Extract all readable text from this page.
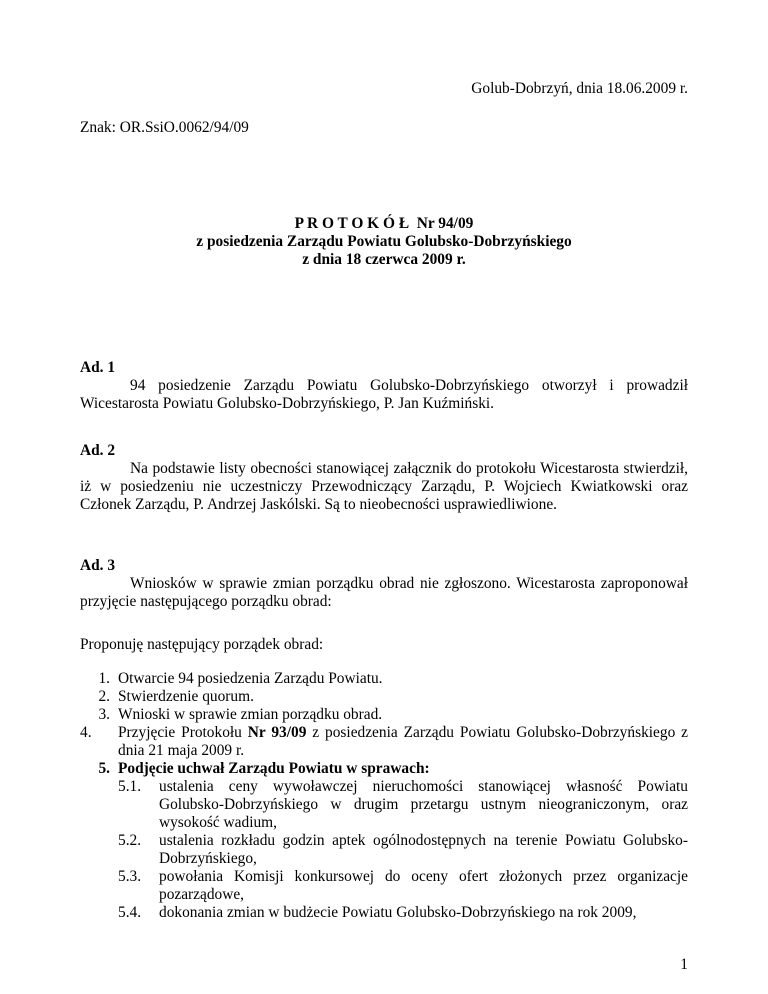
Golub-Dobrzyń, dnia 18.06.2009 r.
Znak: OR.SsiO.0062/94/09
P R O T O K Ó Ł  Nr 94/09
z posiedzenia Zarządu Powiatu Golubsko-Dobrzyńskiego
z dnia 18 czerwca 2009 r.
Ad. 1
94 posiedzenie Zarządu Powiatu Golubsko-Dobrzyńskiego otworzył i prowadził Wicestarosta Powiatu Golubsko-Dobrzyńskiego, P. Jan Kuźmiński.
Ad. 2
Na podstawie listy obecności stanowiącej załącznik do protokołu Wicestarosta stwierdził, iż w posiedzeniu nie uczestniczy Przewodniczący Zarządu, P. Wojciech Kwiatkowski oraz Członek Zarządu, P. Andrzej Jaskólski. Są to nieobecności usprawiedliwione.
Ad. 3
Wniosków w sprawie zmian porządku obrad nie zgłoszono. Wicestarosta zaproponował przyjęcie następującego porządku obrad:
Proponuję następujący porządek obrad:
1. Otwarcie 94 posiedzenia Zarządu Powiatu.
2. Stwierdzenie quorum.
3. Wnioski w sprawie zmian porządku obrad.
4.	Przyjęcie Protokołu Nr 93/09 z posiedzenia Zarządu Powiatu Golubsko-Dobrzyńskiego z dnia 21 maja 2009 r.
5. Podjęcie uchwał Zarządu Powiatu w sprawach:
5.1. ustalenia ceny wywoławczej nieruchomości stanowiącej własność Powiatu Golubsko-Dobrzyńskiego w drugim przetargu ustnym nieograniczonym, oraz wysokość wadium,
5.2. ustalenia rozkładu godzin aptek ogólnodostępnych na terenie Powiatu Golubsko-Dobrzyńskiego,
5.3. powołania Komisji konkursowej do oceny ofert złożonych przez organizacje pozarządowe,
5.4. dokonania zmian w budżecie Powiatu Golubsko-Dobrzyńskiego na rok 2009,
1
